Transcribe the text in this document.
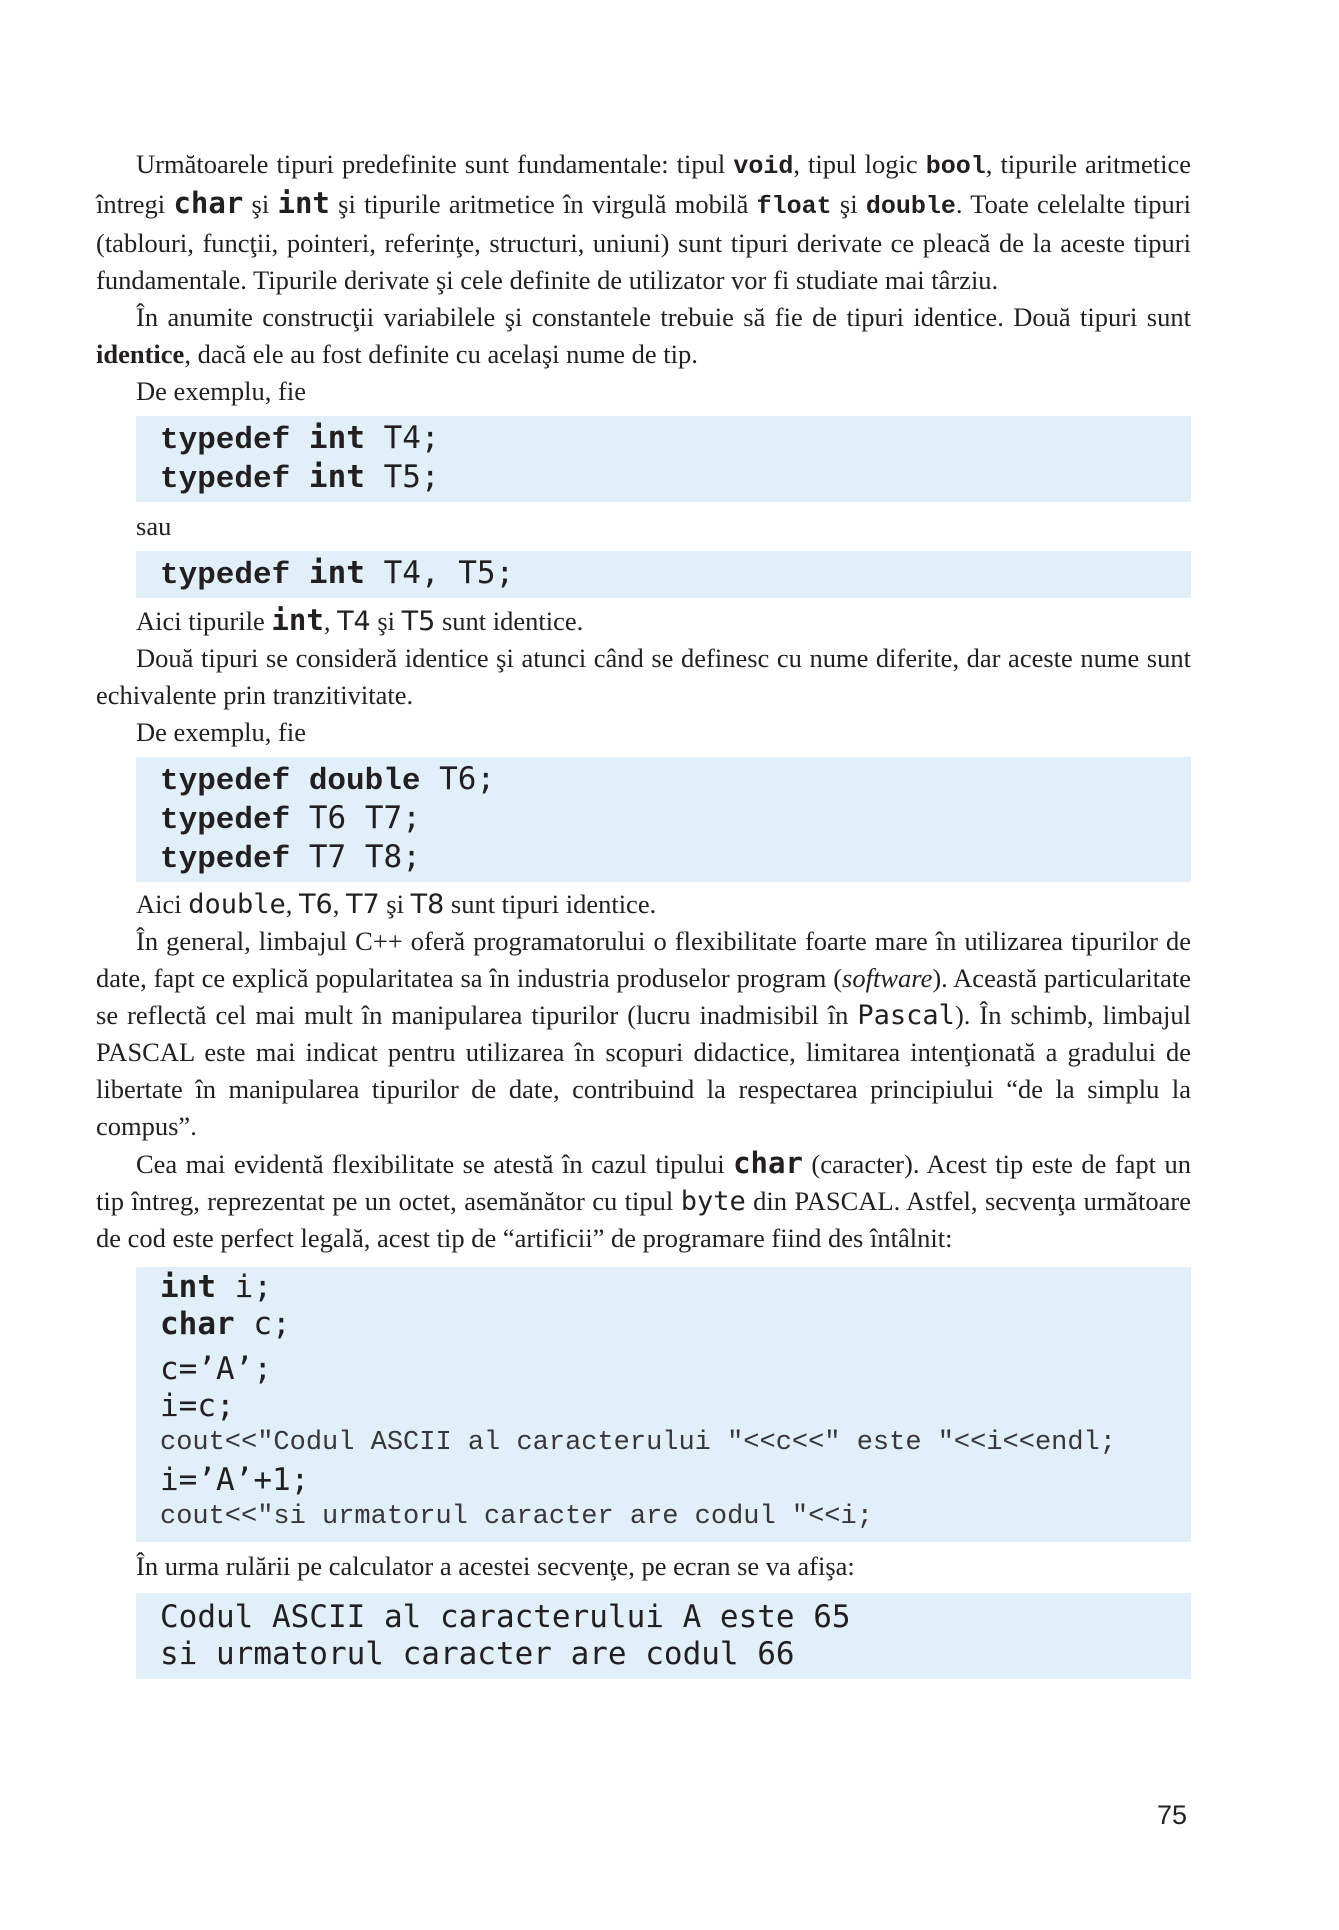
Următoarele tipuri predefinite sunt fundamentale: tipul void, tipul logic bool, tipurile aritmetice întregi char şi int şi tipurile aritmetice în virgulă mobilă float şi double. Toate celelalte tipuri (tablouri, funcţii, pointeri, referinţe, structuri, uniuni) sunt tipuri derivate ce pleacă de la aceste tipuri fundamentale. Tipurile derivate şi cele definite de utilizator vor fi studiate mai târziu.

În anumite construcţii variabilele şi constantele trebuie să fie de tipuri identice. Două tipuri sunt identice, dacă ele au fost definite cu acelaşi nume de tip.

De exemplu, fie

typedef int T4;
typedef int T5;

sau

typedef int T4, T5;

Aici tipurile int, T4 şi T5 sunt identice.

Două tipuri se consideră identice şi atunci când se definesc cu nume diferite, dar aceste nume sunt echivalente prin tranzitivitate.

De exemplu, fie

typedef double T6;
typedef T6 T7;
typedef T7 T8;

Aici double, T6, T7 şi T8 sunt tipuri identice.

În general, limbajul C++ oferă programatorului o flexibilitate foarte mare în utilizarea tipurilor de date, fapt ce explică popularitatea sa în industria produselor program (software). Această particularitate se reflectă cel mai mult în manipularea tipurilor (lucru inadmisibil în Pascal). În schimb, limbajul PASCAL este mai indicat pentru utilizarea în scopuri didactice, limitarea intenţionată a gradului de libertate în manipularea tipurilor de date, contribuind la respectarea principiului “de la simplu la compus”.

Cea mai evidentă flexibilitate se atestă în cazul tipului char (caracter). Acest tip este de fapt un tip întreg, reprezentat pe un octet, asemănător cu tipul byte din PASCAL. Astfel, secvenţa următoare de cod este perfect legală, acest tip de “artificii” de programare fiind des întâlnit:

int i;
char c;
c=’A’;
i=c;
cout<<"Codul ASCII al caracterului "<<c<<" este "<<i<<endl;
i=’A’+1;
cout<<"si urmatorul caracter are codul "<<i;

În urma rulării pe calculator a acestei secvenţe, pe ecran se va afişa:

Codul ASCII al caracterului A este 65
si urmatorul caracter are codul 66
75
